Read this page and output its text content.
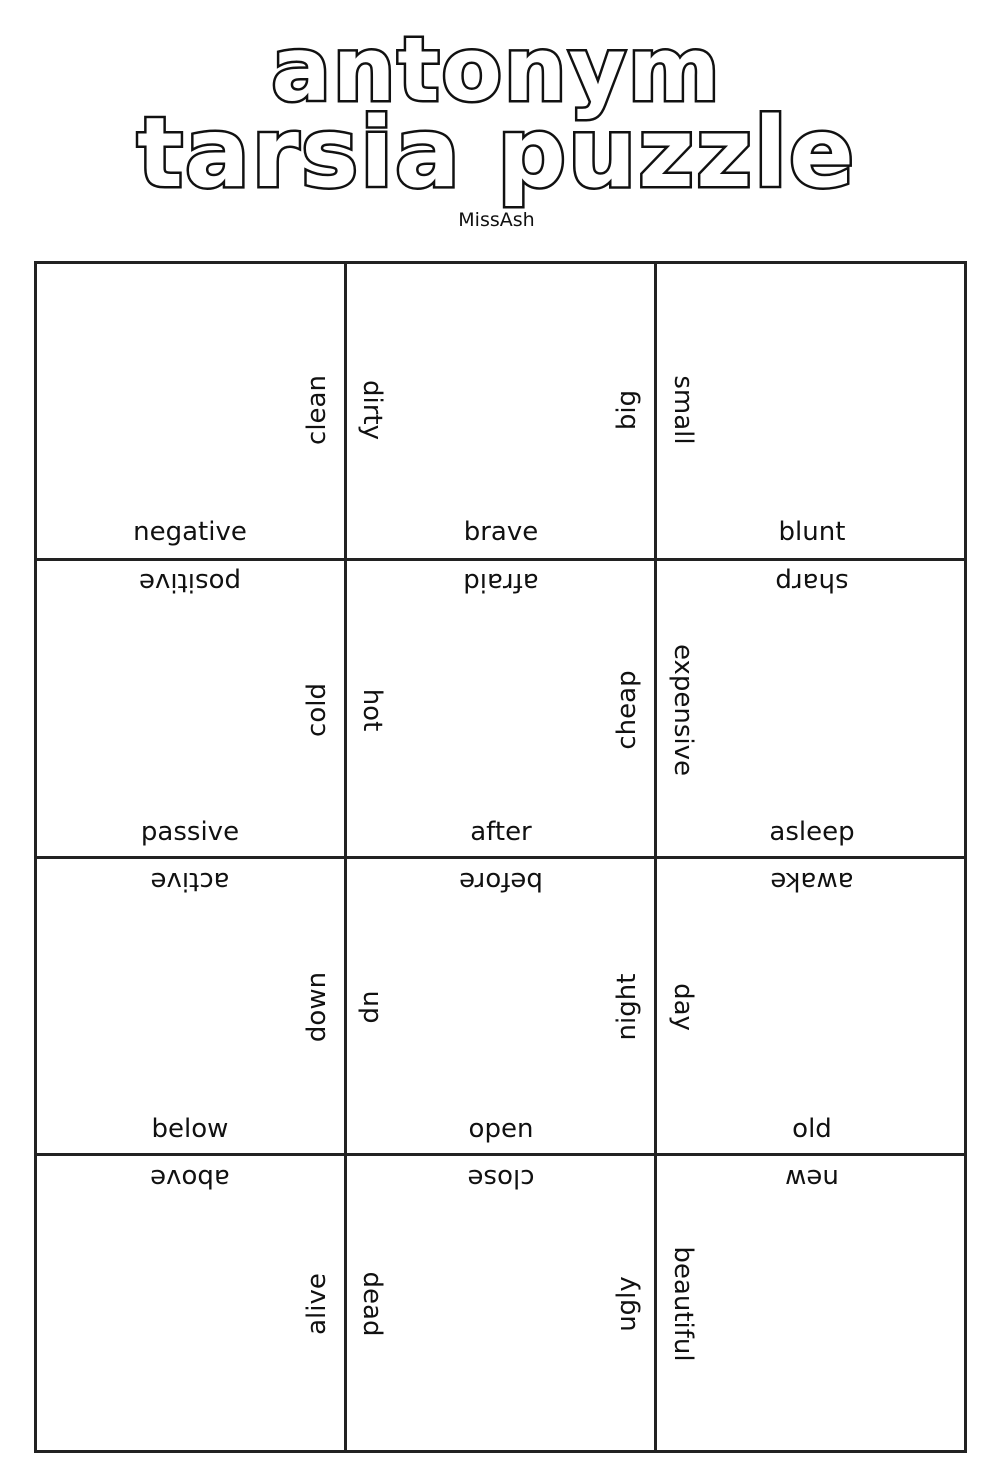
antonym
tarsia puzzle
MissAsh
clean
negative
dirty	big
brave
small
blunt
positive
cold
passive
afraid
hot	cheap
after
sharp
expensive
asleep
active
down
below
before
up	night
open
awake
day
old
above
alive
close
dead	ugly
new
beautiful
